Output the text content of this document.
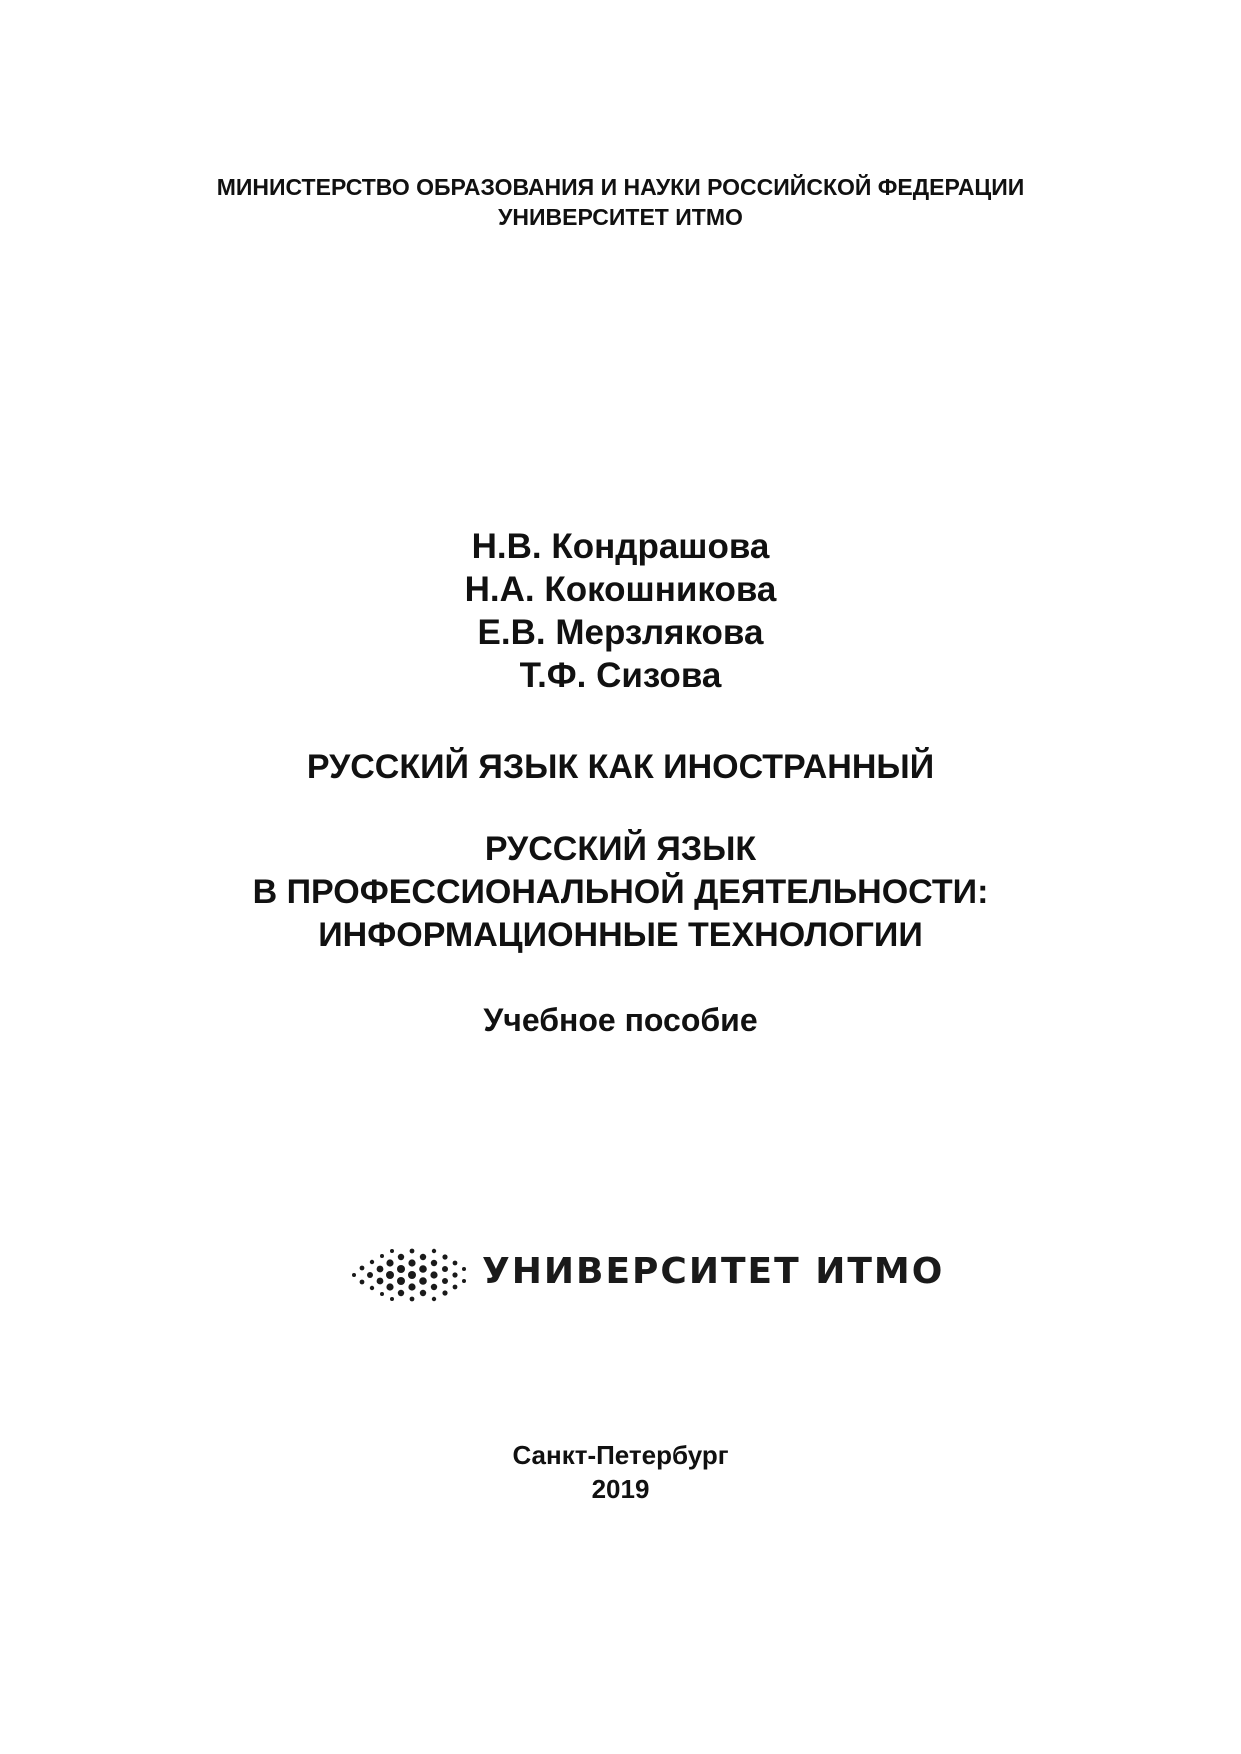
МИНИСТЕРСТВО ОБРАЗОВАНИЯ И НАУКИ РОССИЙСКОЙ ФЕДЕРАЦИИ
УНИВЕРСИТЕТ ИТМО
Н.В. Кондрашова
Н.А. Кокошникова
Е.В. Мерзлякова
Т.Ф. Сизова
РУССКИЙ ЯЗЫК КАК ИНОСТРАННЫЙ
РУССКИЙ ЯЗЫК
В ПРОФЕССИОНАЛЬНОЙ ДЕЯТЕЛЬНОСТИ:
ИНФОРМАЦИОННЫЕ ТЕХНОЛОГИИ
Учебное пособие
УНИВЕРСИТЕТ ИТМО
Санкт-Петербург
2019
